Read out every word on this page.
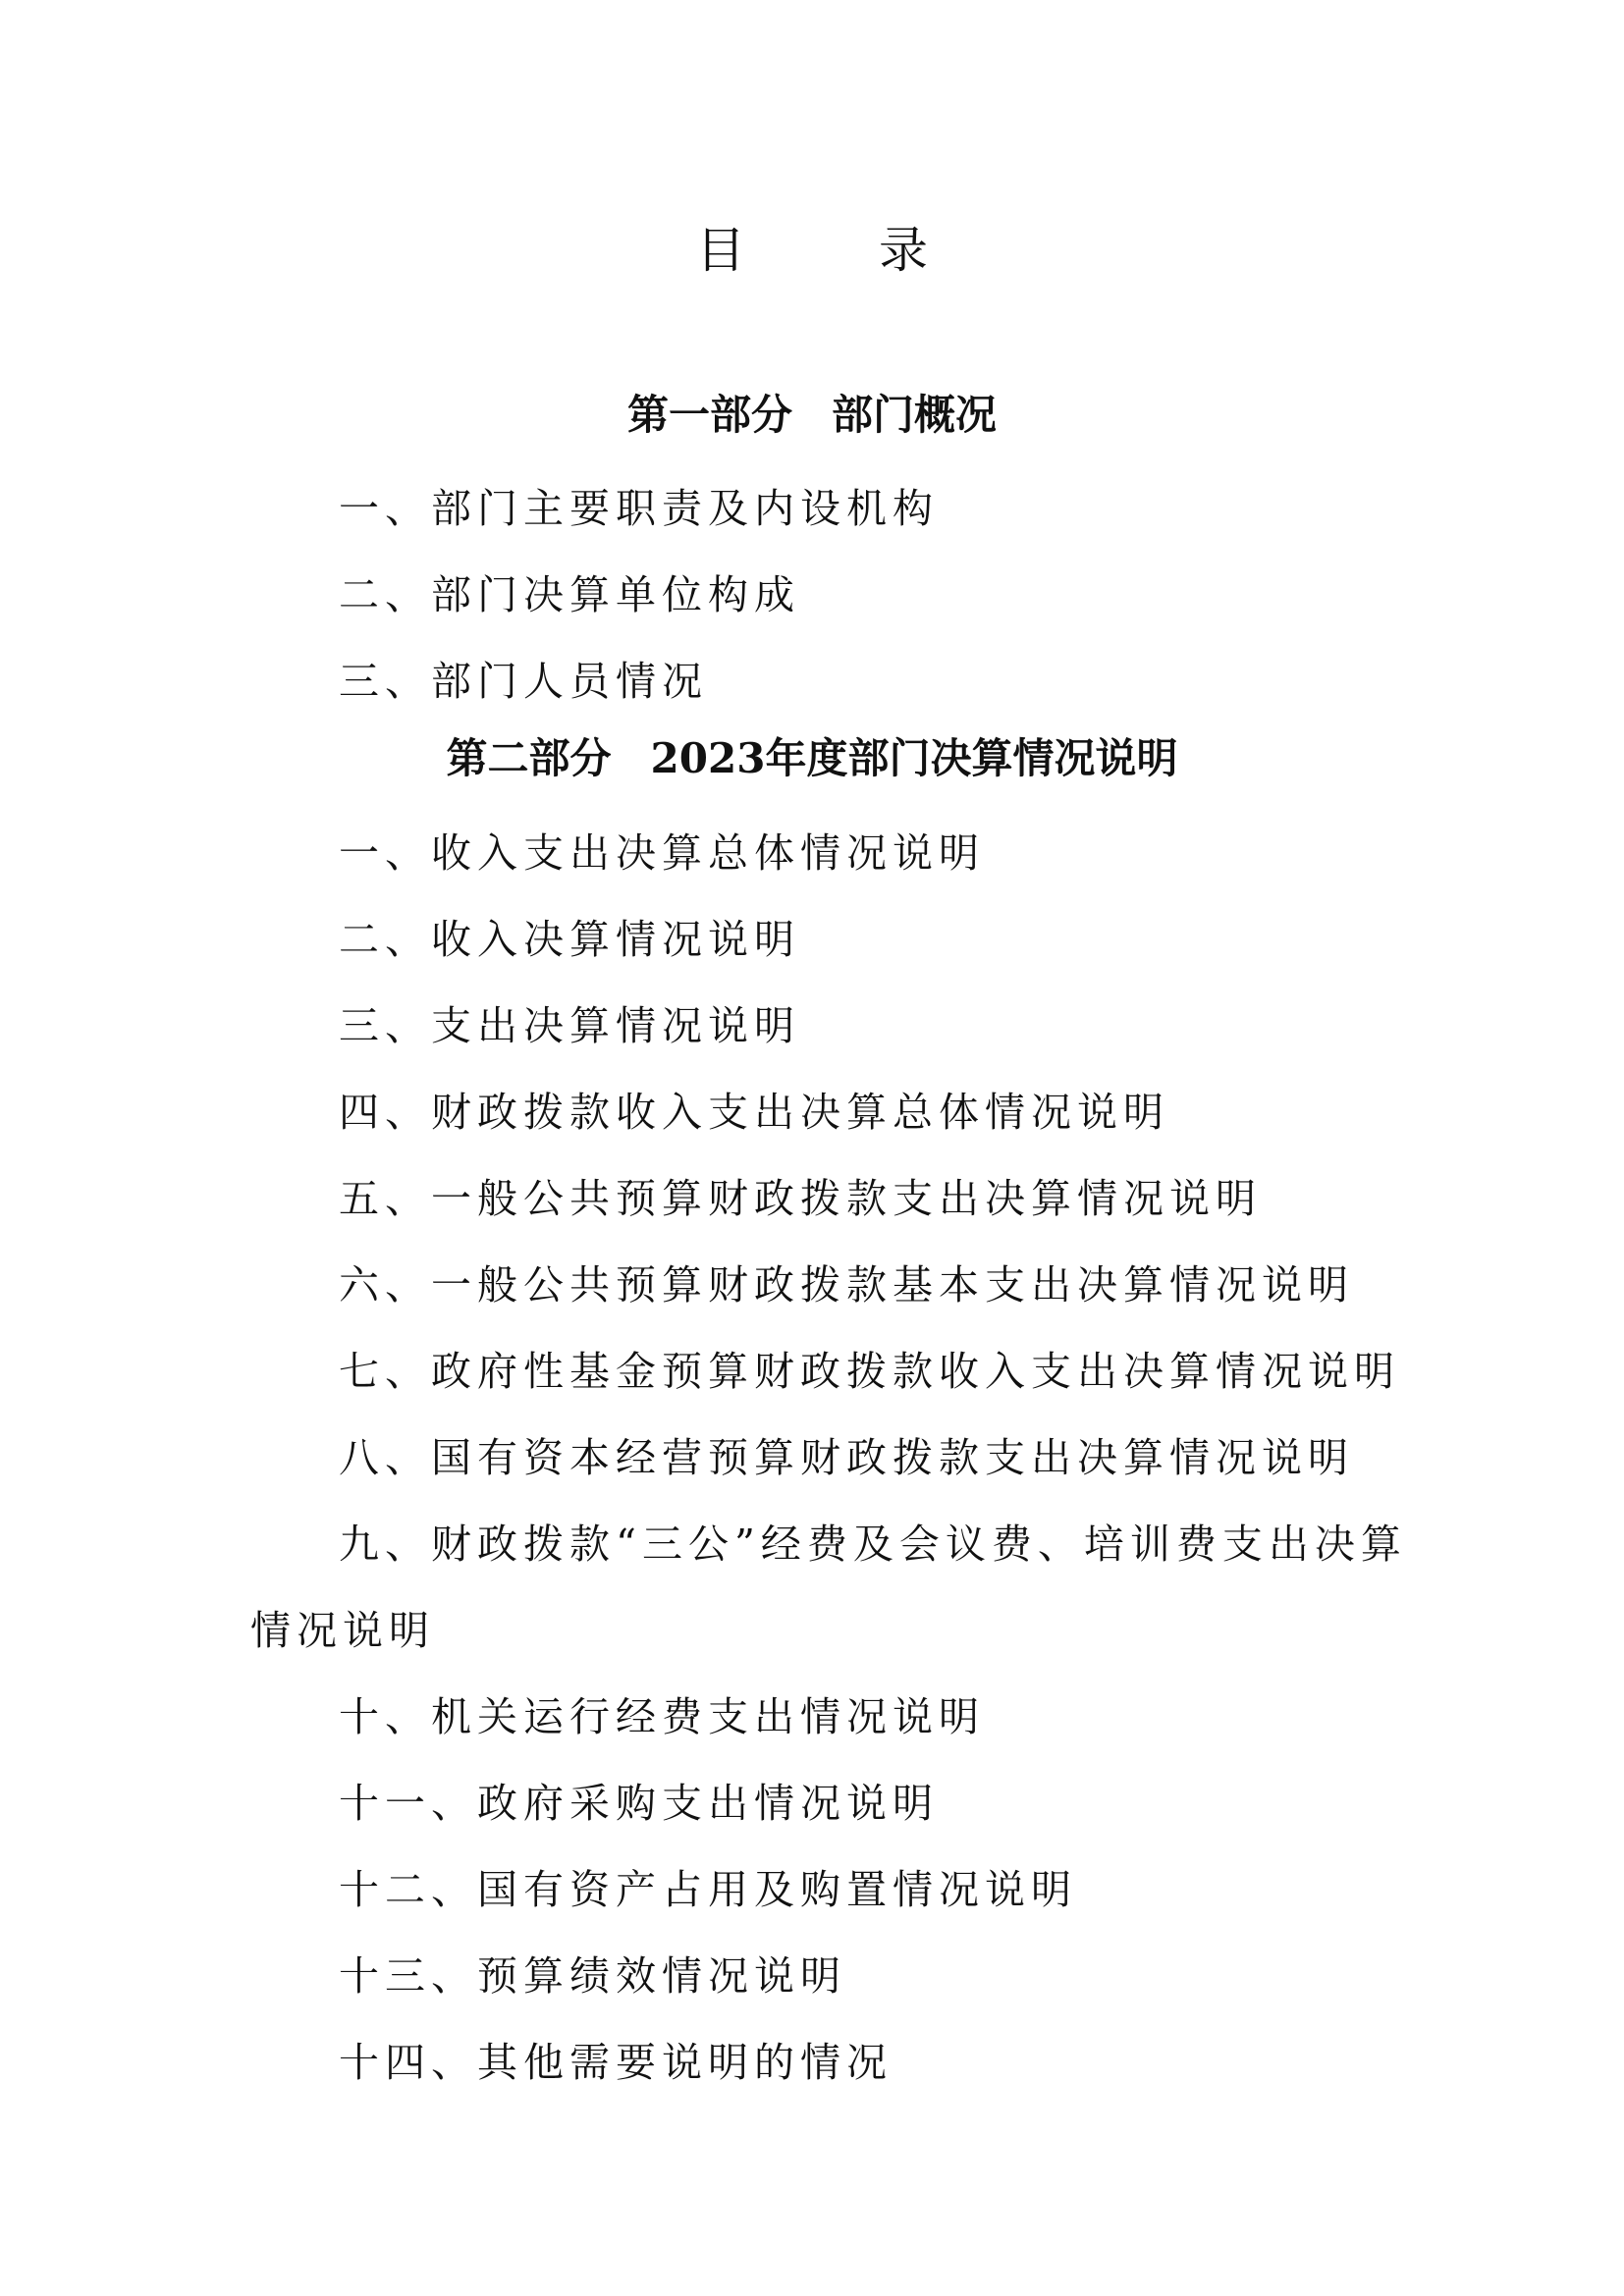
目 录
第一部分 部门概况

一、部门主要职责及内设机构

二、部门决算单位构成

三、部门人员情况

第二部分 2023年度部门决算情况说明

一、收入支出决算总体情况说明

二、收入决算情况说明

三、支出决算情况说明

四、财政拨款收入支出决算总体情况说明

五、一般公共预算财政拨款支出决算情况说明

六、一般公共预算财政拨款基本支出决算情况说明

七、政府性基金预算财政拨款收入支出决算情况说明

八、国有资本经营预算财政拨款支出决算情况说明

九、财政拨款“三公”经费及会议费、培训费支出决算

情况说明

十、机关运行经费支出情况说明

十一、政府采购支出情况说明

十二、国有资产占用及购置情况说明

十三、预算绩效情况说明

十四、其他需要说明的情况
